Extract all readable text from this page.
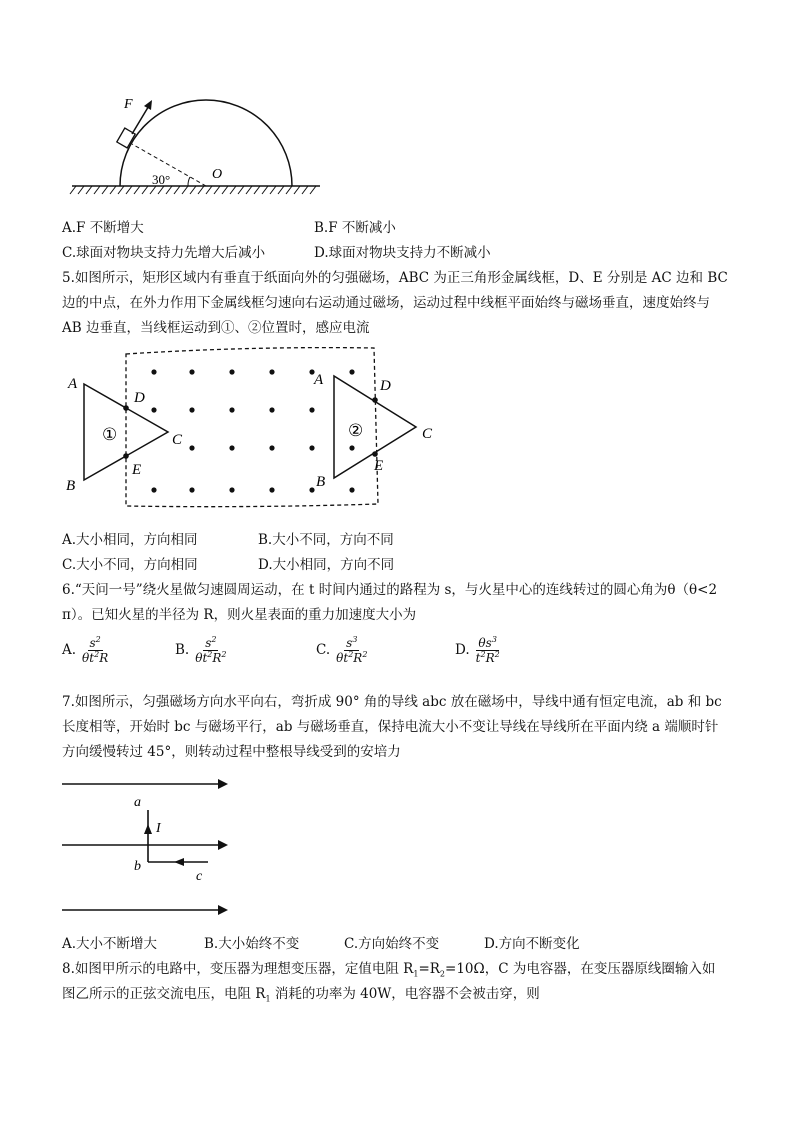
F
30°	O
A.F 不断增大	B.F 不断减小
C.球面对物块支持力先增大后减小	D.球面对物块支持力不断减小
5.如图所示，矩形区域内有垂直于纸面向外的匀强磁场，ABC 为正三角形金属线框，D、E 分别是 AC 边和 BC
边的中点，在外力作用下金属线框匀速向右运动通过磁场，运动过程中线框平面始终与磁场垂直，速度始终与
AB 边垂直，当线框运动到①、②位置时，感应电流
A
B
C
D
E
①
A
B
C
D
E
②
A.大小相同，方向相同	B.大小不同，方向不同
C.大小不同，方向相同	D.大小相同，方向不同
6.“天问一号”绕火星做匀速圆周运动，在 t 时间内通过的路程为 s，与火星中心的连线转过的圆心角为θ（θ<2
π）。已知火星的半径为 R，则火星表面的重力加速度大小为
A. $\frac{s^2}{\theta t^2R}$	B. $\frac{s^2}{\theta t^2R^2}$	C. $\frac{s^3}{\theta t^2R^2}$	D. $\frac{\theta s^3}{t^2R^2}$
7.如图所示，匀强磁场方向水平向右，弯折成 90° 角的导线 abc 放在磁场中，导线中通有恒定电流，ab 和 bc
长度相等，开始时 bc 与磁场平行，ab 与磁场垂直，保持电流大小不变让导线在导线所在平面内绕 a 端顺时针
方向缓慢转过 45°，则转动过程中整根导线受到的安培力
a
I
b
c
A.大小不断增大	B.大小始终不变	C.方向始终不变	D.方向不断变化
8.如图甲所示的电路中，变压器为理想变压器，定值电阻 $R_1=R_2=10\Omega$，C 为电容器，在变压器原线圈输入如
图乙所示的正弦交流电压，电阻 $R_1$ 消耗的功率为 40W，电容器不会被击穿，则
